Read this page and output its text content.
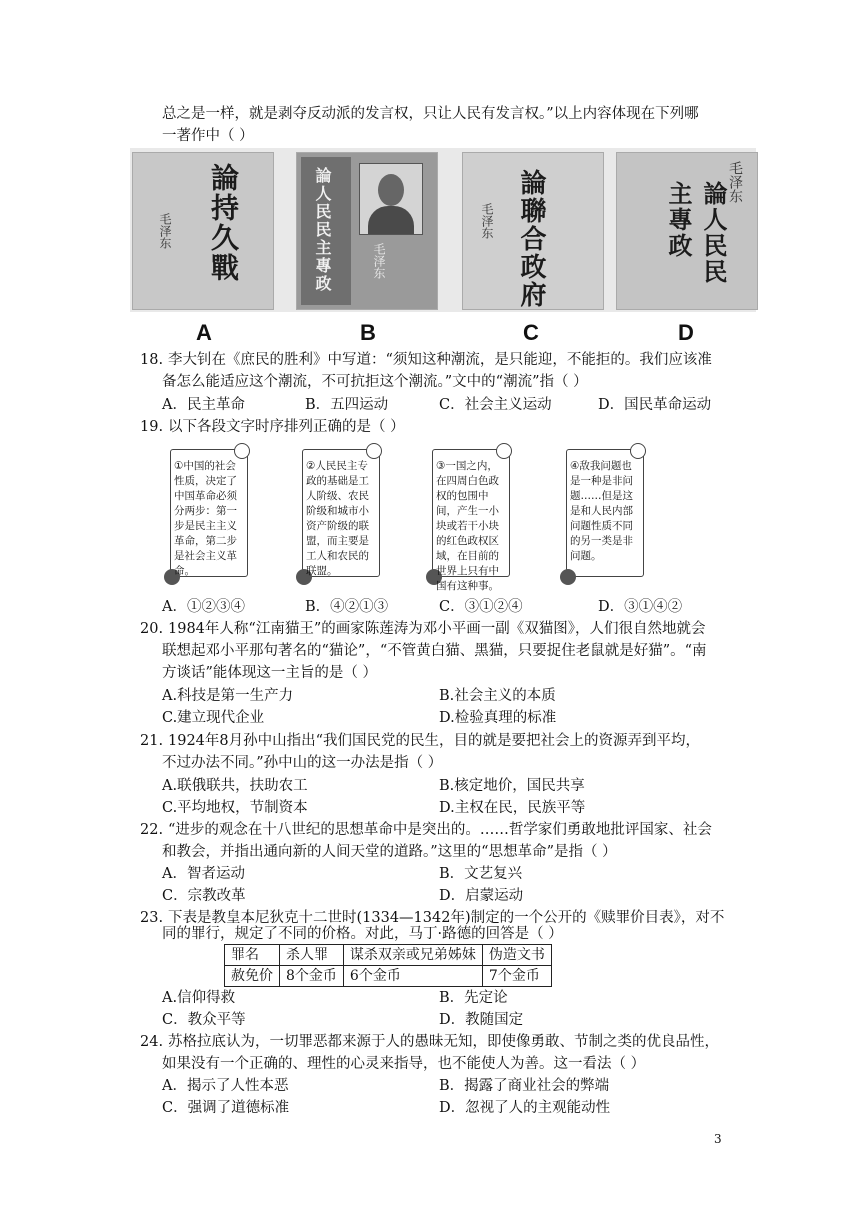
总之是一样，就是剥夺反动派的发言权，只让人民有发言权。”以上内容体现在下列哪
一著作中（ ）
論持久戰
毛泽东	論人民民主專政	毛泽东	論聯合政府
毛泽东	論人民民主專政	毛泽东
A	B	C	D
18. 李大钊在《庶民的胜利》中写道：“须知这种潮流，是只能迎，不能拒的。我们应该准
备怎么能适应这个潮流，不可抗拒这个潮流。”文中的“潮流”指（ ）
A．民主革命	B．五四运动	C．社会主义运动	D．国民革命运动
19. 以下各段文字时序排列正确的是（ ）
①中国的社会性质，决定了中国革命必须分两步：第一步是民主主义革命，第二步是社会主义革命。
②人民民主专政的基础是工人阶级、农民阶级和城市小资产阶级的联盟，而主要是工人和农民的联盟。
③一国之内，在四周白色政权的包围中间，产生一小块或若干小块的红色政权区域，在目前的世界上只有中国有这种事。
④敌我问题也是一种是非问题……但是这是和人民内部问题性质不同的另一类是非问题。
A．①②③④	B．④②①③	C．③①②④	D．③①④②
20. 1984年人称“江南猫王”的画家陈莲涛为邓小平画一副《双猫图》，人们很自然地就会
联想起邓小平那句著名的“猫论”，“不管黄白猫、黑猫，只要捉住老鼠就是好猫”。“南
方谈话”能体现这一主旨的是（ ）
A.科技是第一生产力	B.社会主义的本质
C.建立现代企业	D.检验真理的标准
21. 1924年8月孙中山指出“我们国民党的民生，目的就是要把社会上的资源弄到平均，
不过办法不同。”孙中山的这一办法是指（ ）
A.联俄联共，扶助农工	B.核定地价，国民共享
C.平均地权，节制资本	D.主权在民，民族平等
22. “进步的观念在十八世纪的思想革命中是突出的。……哲学家们勇敢地批评国家、社会
和教会，并指出通向新的人间天堂的道路。”这里的“思想革命”是指（ ）
A．智者运动	B．文艺复兴
C．宗教改革	D．启蒙运动
23. 下表是教皇本尼狄克十二世时(1334—1342年)制定的一个公开的《赎罪价目表》，对不
同的罪行，规定了不同的价格。对此，马丁·路德的回答是（ ）
罪名	杀人罪	谋杀双亲或兄弟姊妹	伪造文书
赦免价	8个金币	6个金币	7个金币
A.信仰得救	B．先定论
C．教众平等	D．教随国定
24. 苏格拉底认为，一切罪恶都来源于人的愚昧无知，即使像勇敢、节制之类的优良品性，
如果没有一个正确的、理性的心灵来指导，也不能使人为善。这一看法（ ）
A．揭示了人性本恶	B．揭露了商业社会的弊端
C．强调了道德标准	D．忽视了人的主观能动性
3
